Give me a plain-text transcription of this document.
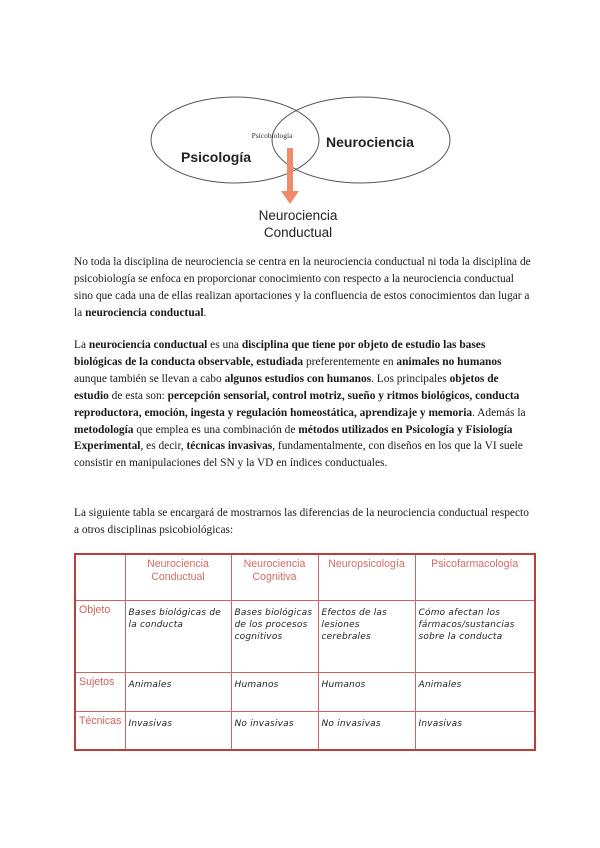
Psicobiología
Psicología
Neurociencia
Neurociencia
Conductual

No toda la disciplina de neurociencia se centra en la neurociencia conductual ni toda la disciplina de psicobiología se enfoca en proporcionar conocimiento con respecto a la neurociencia conductual sino que cada una de ellas realizan aportaciones y la confluencia de estos conocimientos dan lugar a la neurociencia conductual.

La neurociencia conductual es una disciplina que tiene por objeto de estudio las bases biológicas de la conducta observable, estudiada preferentemente en animales no humanos aunque también se llevan a cabo algunos estudios con humanos. Los principales objetos de estudio de esta son: percepción sensorial, control motriz, sueño y ritmos biológicos, conducta reproductora, emoción, ingesta y regulación homeostática, aprendizaje y memoria. Además la metodología que emplea es una combinación de métodos utilizados en Psicología y Fisiología Experimental, es decir, técnicas invasivas, fundamentalmente, con diseños en los que la VI suele consistir en manipulaciones del SN y la VD en índices conductuales.

La siguiente tabla se encargará de mostrarnos las diferencias de la neurociencia conductual respecto a otros disciplinas psicobiológicas:

	Neurociencia Conductual	Neurociencia Cognitiva	Neuropsicología	Psicofarmacología
Objeto	Bases biológicas de la conducta	Bases biológicas de los procesos cognitivos	Efectos de las lesiones cerebrales	Cómo afectan los fármacos/sustancias sobre la conducta
Sujetos	Animales	Humanos	Humanos	Animales
Técnicas	Invasivas	No invasivas	No invasivas	Invasivas
